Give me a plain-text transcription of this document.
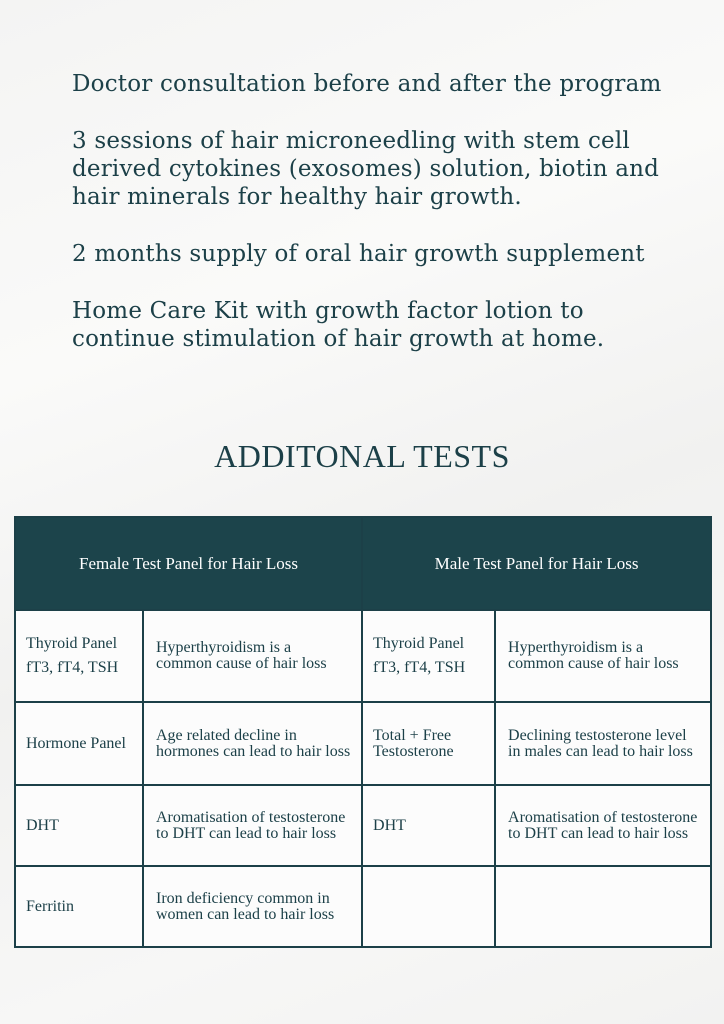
Doctor consultation before and after the program

3 sessions of hair microneedling with stem cell derived cytokines (exosomes) solution, biotin and hair minerals for healthy hair growth.

2 months supply of oral hair growth supplement

Home Care Kit with growth factor lotion to continue stimulation of hair growth at home.

ADDITONAL TESTS
Female Test Panel for Hair Loss		Male Test Panel for Hair Loss	
Thyroid Panel fT3, fT4, TSH	Hyperthyroidism is a common cause of hair loss	Thyroid Panel fT3, fT4, TSH	Hyperthyroidism is a common cause of hair loss
Hormone Panel	Age related decline in hormones can lead to hair loss	Total + Free Testosterone	Declining testosterone level in males can lead to hair loss
DHT	Aromatisation of testosterone to DHT can lead to hair loss	DHT	Aromatisation of testosterone to DHT can lead to hair loss
Ferritin	Iron deficiency common in women can lead to hair loss		
